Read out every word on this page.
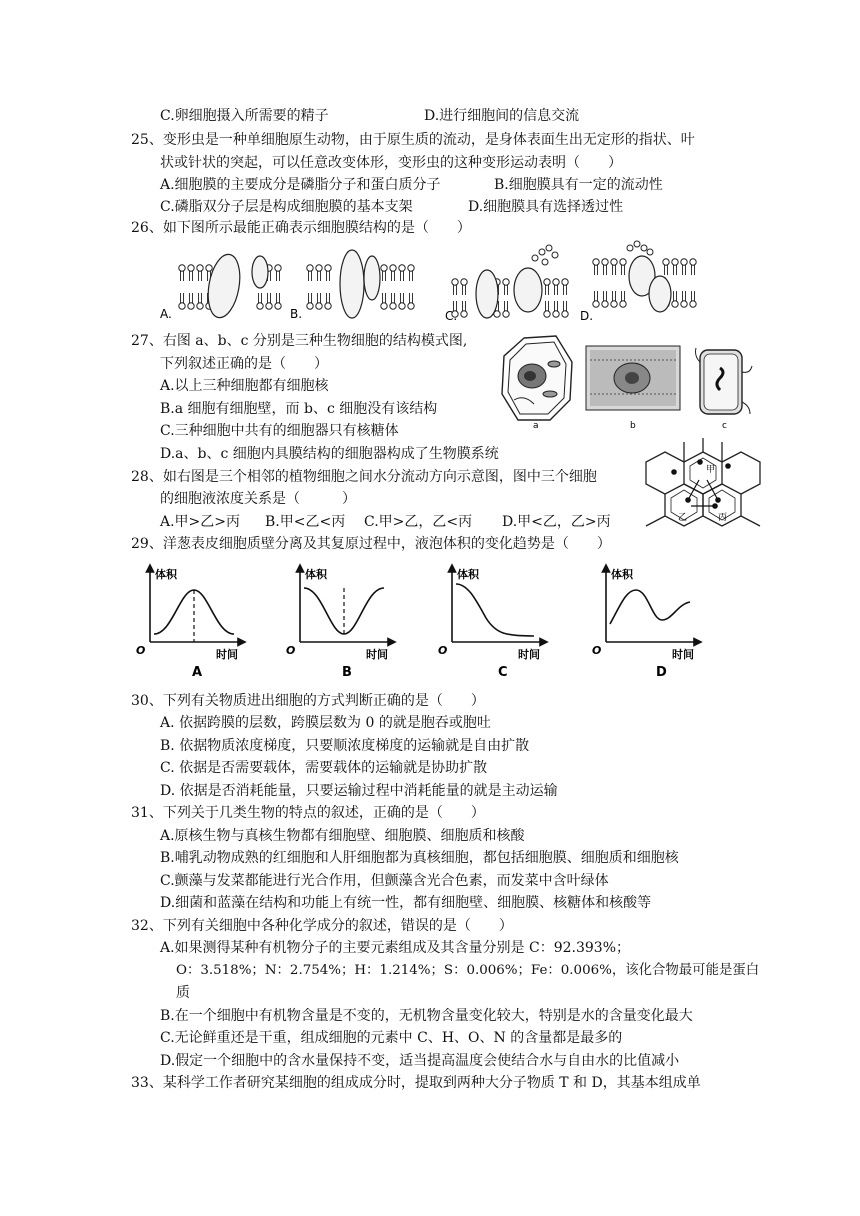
C.卵细胞摄入所需要的精子	D.进行细胞间的信息交流
25、变形虫是一种单细胞原生动物，由于原生质的流动，是身体表面生出无定形的指状、叶
状或针状的突起，可以任意改变体形，变形虫的这种变形运动表明（　　）
A.细胞膜的主要成分是磷脂分子和蛋白质分子	B.细胞膜具有一定的流动性
C.磷脂双分子层是构成细胞膜的基本支架	D.细胞膜具有选择透过性
26、如下图所示最能正确表示细胞膜结构的是（　　）
A.	B.	C.	D.
27、右图 a、b、c 分别是三种生物细胞的结构模式图,
下列叙述正确的是（　　）
A.以上三种细胞都有细胞核
B.a 细胞有细胞壁，而 b、c 细胞没有该结构
C.三种细胞中共有的细胞器只有核糖体
D.a、b、c 细胞内具膜结构的细胞器构成了生物膜系统
a	b	c
28、如右图是三个相邻的植物细胞之间水分流动方向示意图，图中三个细胞
的细胞液浓度关系是（　　　）
A.甲>乙>丙 B.甲<乙<丙 C.甲>乙，乙<丙 D.甲<乙，乙>丙
甲
乙	丙
29、洋葱表皮细胞质壁分离及其复原过程中，液泡体积的变化趋势是（　　）
体积
时间
O
A
体积
时间
O
B
体积
时间
O
C
体积
时间
O
D
30、下列有关物质进出细胞的方式判断正确的是（　　）
A. 依据跨膜的层数，跨膜层数为 0 的就是胞吞或胞吐
B. 依据物质浓度梯度，只要顺浓度梯度的运输就是自由扩散
C. 依据是否需要载体，需要载体的运输就是协助扩散
D. 依据是否消耗能量，只要运输过程中消耗能量的就是主动运输
31、下列关于几类生物的特点的叙述，正确的是（　　）
A.原核生物与真核生物都有细胞壁、细胞膜、细胞质和核酸
B.哺乳动物成熟的红细胞和人肝细胞都为真核细胞，都包括细胞膜、细胞质和细胞核
C.颤藻与发菜都能进行光合作用，但颤藻含光合色素，而发菜中含叶绿体
D.细菌和蓝藻在结构和功能上有统一性，都有细胞壁、细胞膜、核糖体和核酸等
32、下列有关细胞中各种化学成分的叙述，错误的是（　　）
A.如果测得某种有机物分子的主要元素组成及其含量分别是 C：92.393%；
O：3.518%；N：2.754%；H：1.214%；S：0.006%；Fe：0.006%，该化合物最可能是蛋白
质
B.在一个细胞中有机物含量是不变的，无机物含量变化较大，特别是水的含量变化最大
C.无论鲜重还是干重，组成细胞的元素中 C、H、O、N 的含量都是最多的
D.假定一个细胞中的含水量保持不变，适当提高温度会使结合水与自由水的比值减小
33、某科学工作者研究某细胞的组成成分时，提取到两种大分子物质 T 和 D，其基本组成单
